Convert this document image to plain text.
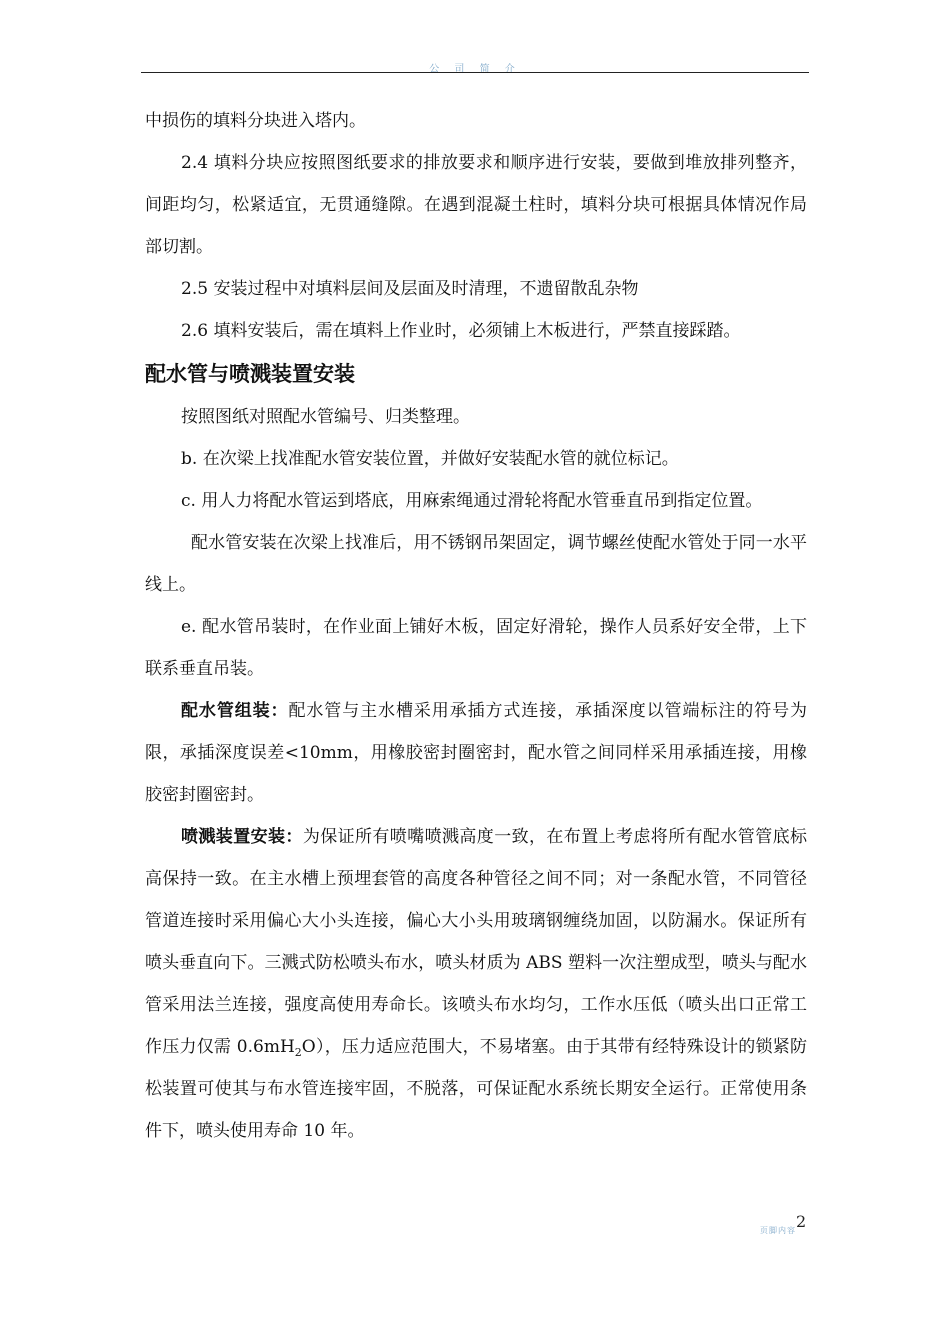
公 司 简 介

中损伤的填料分块进入塔内。

2.4 填料分块应按照图纸要求的排放要求和顺序进行安装，要做到堆放排列整齐，间距均匀，松紧适宜，无贯通缝隙。在遇到混凝土柱时，填料分块可根据具体情况作局部切割。

2.5 安装过程中对填料层间及层面及时清理，不遗留散乱杂物

2.6 填料安装后，需在填料上作业时，必须铺上木板进行，严禁直接踩踏。

配水管与喷溅装置安装

按照图纸对照配水管编号、归类整理。

b. 在次梁上找准配水管安装位置，并做好安装配水管的就位标记。

c. 用人力将配水管运到塔底，用麻索绳通过滑轮将配水管垂直吊到指定位置。

配水管安装在次梁上找准后，用不锈钢吊架固定，调节螺丝使配水管处于同一水平线上。

e. 配水管吊装时，在作业面上铺好木板，固定好滑轮，操作人员系好安全带，上下联系垂直吊装。

配水管组装：配水管与主水槽采用承插方式连接，承插深度以管端标注的符号为限，承插深度误差<10mm，用橡胶密封圈密封，配水管之间同样采用承插连接，用橡胶密封圈密封。

喷溅装置安装：为保证所有喷嘴喷溅高度一致，在布置上考虑将所有配水管管底标高保持一致。在主水槽上预埋套管的高度各种管径之间不同；对一条配水管，不同管径管道连接时采用偏心大小头连接，偏心大小头用玻璃钢缠绕加固，以防漏水。保证所有喷头垂直向下。三溅式防松喷头布水，喷头材质为 ABS 塑料一次注塑成型，喷头与配水管采用法兰连接，强度高使用寿命长。该喷头布水均匀，工作水压低（喷头出口正常工作压力仅需 $0.6mH_2O$），压力适应范围大，不易堵塞。由于其带有经特殊设计的锁紧防松装置可使其与布水管连接牢固，不脱落，可保证配水系统长期安全运行。正常使用条件下，喷头使用寿命 10 年。

页脚内容2
